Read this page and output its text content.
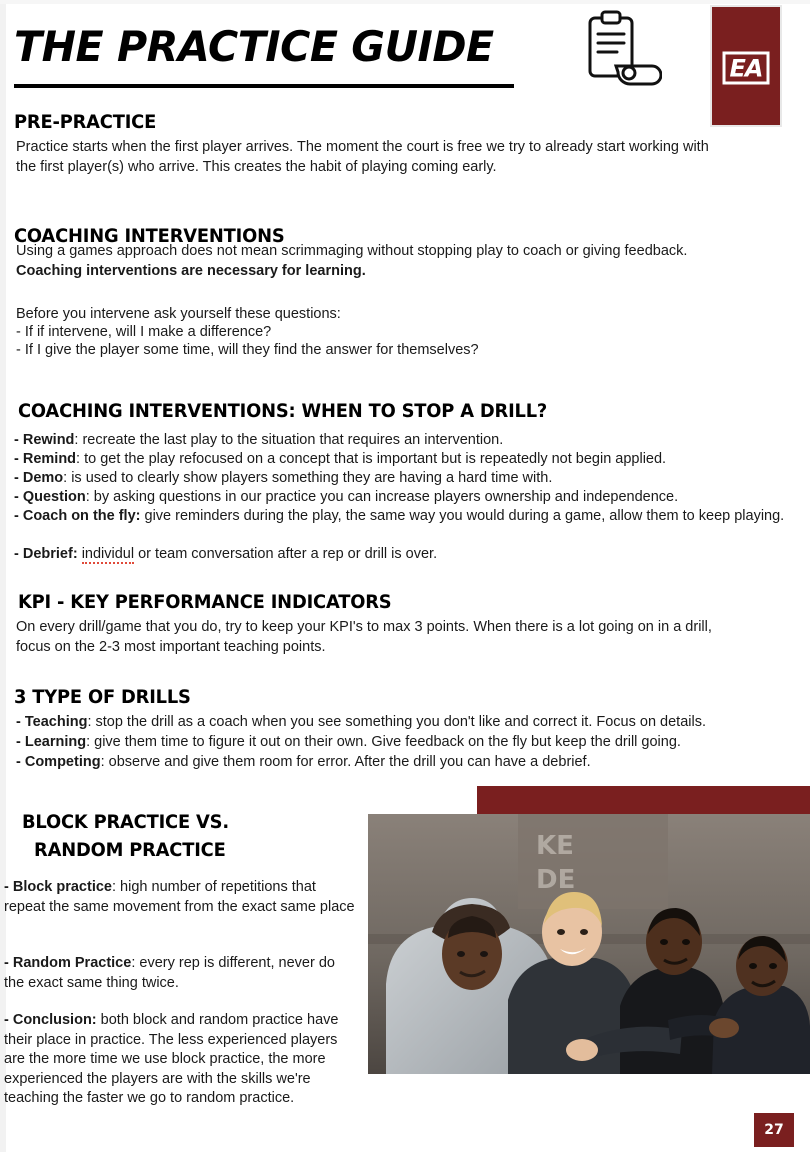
THE PRACTICE GUIDE	EA
PRE-PRACTICE

Practice starts when the first player arrives. The moment the court is free we try to already start working with the first player(s) who arrive. This creates the habit of playing coming early.

COACHING INTERVENTIONS

Using a games approach does not mean scrimmaging without stopping play to coach or giving feedback. Coaching interventions are necessary for learning.

Before you intervene ask yourself these questions:

- If if intervene, will I make a difference?

- If I give the player some time, will they find the answer for themselves?

COACHING INTERVENTIONS: WHEN TO STOP A DRILL?

- Rewind: recreate the last play to the situation that requires an intervention.

- Remind: to get the play refocused on a concept that is important but is repeatedly not begin applied.

- Demo: is used to clearly show players something they are having a hard time with.

- Question: by asking questions in our practice you can increase players ownership and independence.

- Coach on the fly: give reminders during the play, the same way you would during a game, allow them to keep playing.

- Debrief: individul or team conversation after a rep or drill is over.

KPI - KEY PERFORMANCE INDICATORS

On every drill/game that you do, try to keep your KPI's to max 3 points. When there is a lot going on in a drill, focus on the 2-3 most important teaching points.

3 TYPE OF DRILLS

- Teaching: stop the drill as a coach when you see something you don't like and correct it. Focus on details.

- Learning: give them time to figure it out on their own. Give feedback on the fly but keep the drill going.

- Competing: observe and give them room for error. After the drill you can have a debrief.

BLOCK PRACTICE VS.
RANDOM PRACTICE

- Block practice: high number of repetitions that repeat the same movement from the exact same place

- Random Practice: every rep is different, never do the exact same thing twice.

- Conclusion: both block and random practice have their place in practice. The less experienced players are the more time we use block practice, the more experienced the players are with the skills we're teaching the faster we go to random practice.

KE
DE
27
